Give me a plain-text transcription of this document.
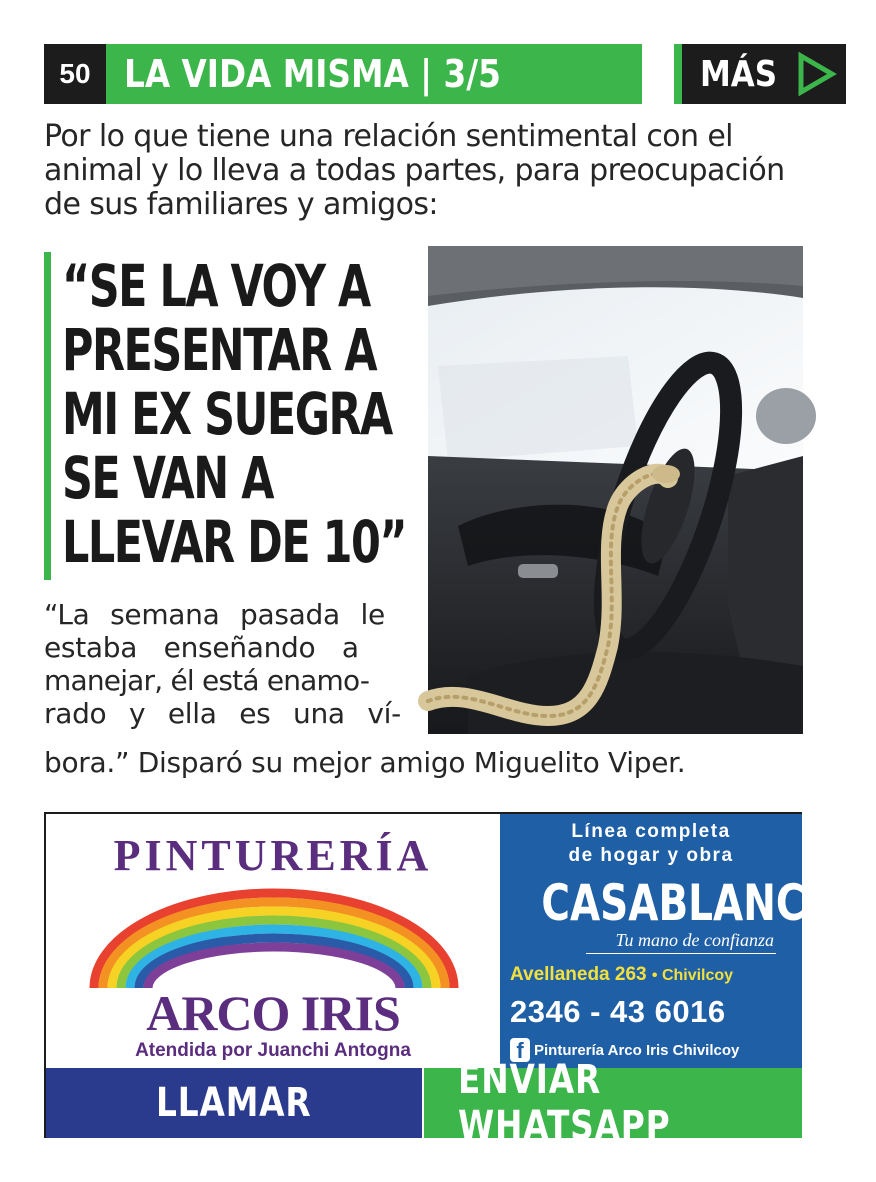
50 LA VIDA MISMA | 3/5	MÁS
Por lo que tiene una relación sentimental con el animal y lo lleva a todas partes, para preocupación de sus familiares y amigos:
“SE LA VOY A
PRESENTAR A
MI EX SUEGRA
SE VAN A
LLEVAR DE 10”
“La semana pasada le
estaba enseñando a
manejar, él está enamo-
rado y ella es una ví-
bora.” Disparó su mejor amigo Miguelito Viper.
PINTURERÍA
ARCO IRIS
Atendida por Juanchi Antogna
Línea completa
de hogar y obra
CASABLANCA
Tu mano de confianza
Avellaneda 263 • Chivilcoy
2346 - 43 6016
f Pinturería Arco Iris Chivilcoy
LLAMAR	ENVIAR WHATSAPP
